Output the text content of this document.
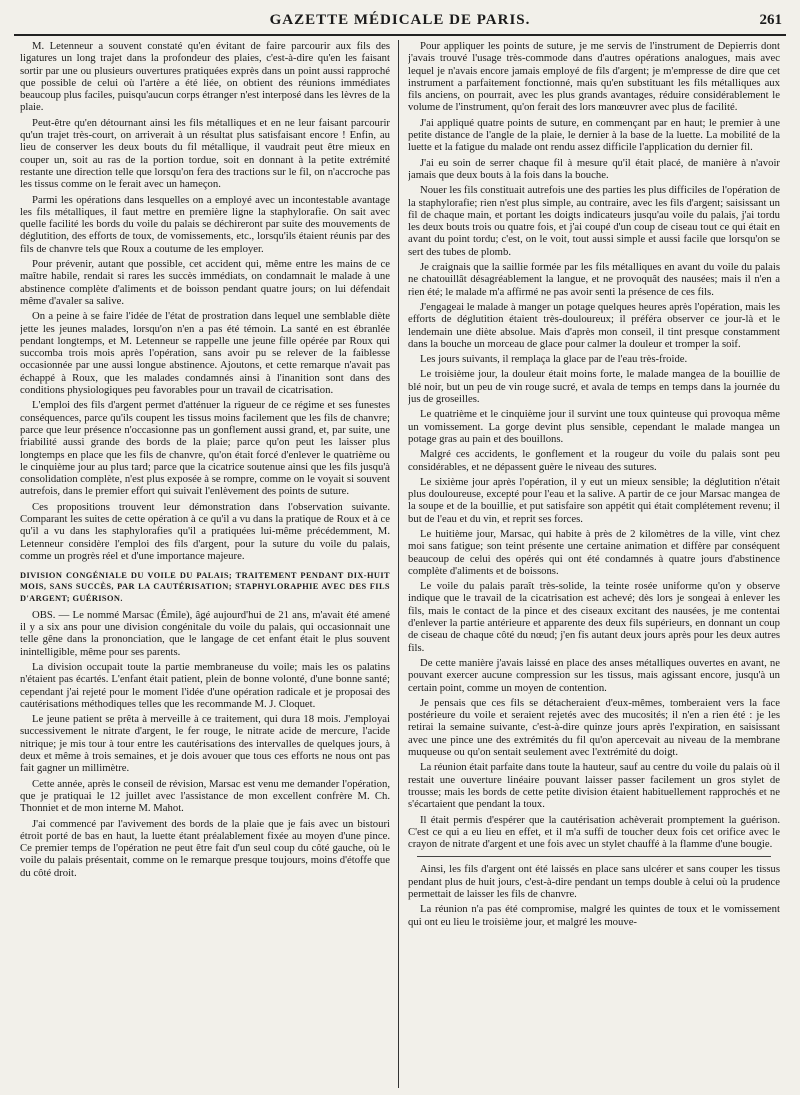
GAZETTE MÉDICALE DE PARIS.	261

M. Letenneur a souvent constaté qu'en évitant de faire parcourir aux fils des ligatures un long trajet dans la profondeur des plaies, c'est-à-dire qu'en les faisant sortir par une ou plusieurs ouvertures pratiquées exprès dans un point aussi rapproché que possible de celui où l'artère a été liée, on obtient des réunions immédiates beaucoup plus faciles, puisqu'aucun corps étranger n'est interposé dans les lèvres de la plaie.

Peut-être qu'en détournant ainsi les fils métalliques et en ne leur faisant parcourir qu'un trajet très-court, on arriverait à un résultat plus satisfaisant encore ! Enfin, au lieu de conserver les deux bouts du fil métallique, il vaudrait peut être mieux en couper un, soit au ras de la portion tordue, soit en donnant à la petite extrémité restante une direction telle que lorsqu'on fera des tractions sur le fil, on n'accroche pas les tissus comme on le ferait avec un hameçon.

Parmi les opérations dans lesquelles on a employé avec un incontestable avantage les fils métalliques, il faut mettre en première ligne la staphylorafie. On sait avec quelle facilité les bords du voile du palais se déchireront par suite des mouvements de déglutition, des efforts de toux, de vomissements, etc., lorsqu'ils étaient réunis par des fils de chanvre tels que Roux a coutume de les employer.

Pour prévenir, autant que possible, cet accident qui, même entre les mains de ce maître habile, rendait si rares les succès immédiats, on condamnait le malade à une abstinence complète d'aliments et de boisson pendant quatre jours; on lui défendait même d'avaler sa salive.

On a peine à se faire l'idée de l'état de prostration dans lequel une semblable diète jette les jeunes malades, lorsqu'on n'en a pas été témoin. La santé en est ébranlée pendant longtemps, et M. Letenneur se rappelle une jeune fille opérée par Roux qui succomba trois mois après l'opération, sans avoir pu se relever de la faiblesse occasionnée par une aussi longue abstinence. Ajoutons, et cette remarque n'avait pas échappé à Roux, que les malades condamnés ainsi à l'inanition sont dans des conditions physiologiques peu favorables pour un travail de cicatrisation.

L'emploi des fils d'argent permet d'atténuer la rigueur de ce régime et ses funestes conséquences, parce qu'ils coupent les tissus moins facilement que les fils de chanvre; parce que leur présence n'occasionne pas un gonflement aussi grand, et, par suite, une friabilité aussi grande des bords de la plaie; parce qu'on peut les laisser plus longtemps en place que les fils de chanvre, qu'on était forcé d'enlever le quatrième ou le cinquième jour au plus tard; parce que la cicatrice soutenue ainsi que les fils jusqu'à consolidation complète, n'est plus exposée à se rompre, comme on le voyait si souvent autrefois, dans le premier effort qui suivait l'enlèvement des points de suture.

Ces propositions trouvent leur démonstration dans l'observation suivante. Comparant les suites de cette opération à ce qu'il a vu dans la pratique de Roux et à ce qu'il a vu dans les staphylorafies qu'il a pratiquées lui-même précédemment, M. Letenneur considère l'emploi des fils d'argent, pour la suture du voile du palais, comme un progrès réel et d'une importance majeure.

DIVISION CONGÉNIALE DU VOILE DU PALAIS; TRAITEMENT PENDANT DIX-HUIT MOIS, SANS SUCCÈS, PAR LA CAUTÉRISATION; STAPHYLORAPHIE AVEC DES FILS D'ARGENT; GUÉRISON.

OBS. — Le nommé Marsac (Émile), âgé aujourd'hui de 21 ans, m'avait été amené il y a six ans pour une division congénitale du voile du palais, qui occasionnait une telle gêne dans la prononciation, que le langage de cet enfant était le plus souvent inintelligible, même pour ses parents.

La division occupait toute la partie membraneuse du voile; mais les os palatins n'étaient pas écartés. L'enfant était patient, plein de bonne volonté, d'une bonne santé; cependant j'ai rejeté pour le moment l'idée d'une opération radicale et je proposai des cautérisations méthodiques telles que les recommande M. J. Cloquet.

Le jeune patient se prêta à merveille à ce traitement, qui dura 18 mois. J'employai successivement le nitrate d'argent, le fer rouge, le nitrate acide de mercure, l'acide nitrique; je mis tour à tour entre les cautérisations des intervalles de quelques jours, à deux et même à trois semaines, et je dois avouer que tous ces efforts ne nous ont pas fait gagner un millimètre.

Cette année, après le conseil de révision, Marsac est venu me demander l'opération, que je pratiquai le 12 juillet avec l'assistance de mon excellent confrère M. Ch. Thonniet et de mon interne M. Mahot.

J'ai commencé par l'avivement des bords de la plaie que je fais avec un bistouri étroit porté de bas en haut, la luette étant préalablement fixée au moyen d'une pince. Ce premier temps de l'opération ne peut être fait d'un seul coup du côté gauche, où le voile du palais présentait, comme on le remarque presque toujours, moins d'étoffe que du côté droit.

Pour appliquer les points de suture, je me servis de l'instrument de Depierris dont j'avais trouvé l'usage très-commode dans d'autres opérations analogues, mais avec lequel je n'avais encore jamais employé de fils d'argent; je m'empresse de dire que cet instrument a parfaitement fonctionné, mais qu'en substituant les fils métalliques aux fils anciens, on pourrait, avec les plus grands avantages, réduire considérablement le volume de l'instrument, qu'on ferait des lors manœuvrer avec plus de facilité.

J'ai appliqué quatre points de suture, en commençant par en haut; le premier à une petite distance de l'angle de la plaie, le dernier à la base de la luette. La mobilité de la luette et la fatigue du malade ont rendu assez difficile l'application du dernier fil.

J'ai eu soin de serrer chaque fil à mesure qu'il était placé, de manière à n'avoir jamais que deux bouts à la fois dans la bouche.

Nouer les fils constituait autrefois une des parties les plus difficiles de l'opération de la staphylorafie; rien n'est plus simple, au contraire, avec les fils d'argent; saisissant un fil de chaque main, et portant les doigts indicateurs jusqu'au voile du palais, j'ai tordu les deux bouts trois ou quatre fois, et j'ai coupé d'un coup de ciseau tout ce qui était en avant du point tordu; c'est, on le voit, tout aussi simple et aussi facile que lorsqu'on se sert des tubes de plomb.

Je craignais que la saillie formée par les fils métalliques en avant du voile du palais ne chatouillât désagréablement la langue, et ne provoquât des nausées; mais il n'en a rien été; le malade m'a affirmé ne pas avoir senti la présence de ces fils.

J'engageai le malade à manger un potage quelques heures après l'opération, mais les efforts de déglutition étaient très-douloureux; il préféra observer ce jour-là et le lendemain une diète absolue. Mais d'après mon conseil, il tint presque constamment dans la bouche un morceau de glace pour calmer la douleur et tromper la soif.

Les jours suivants, il remplaça la glace par de l'eau très-froide.

Le troisième jour, la douleur était moins forte, le malade mangea de la bouillie de blé noir, but un peu de vin rouge sucré, et avala de temps en temps dans la journée du jus de groseilles.

Le quatrième et le cinquième jour il survint une toux quinteuse qui provoqua même un vomissement. La gorge devint plus sensible, cependant le malade mangea un potage gras au pain et des bouillons.

Malgré ces accidents, le gonflement et la rougeur du voile du palais sont peu considérables, et ne dépassent guère le niveau des sutures.

Le sixième jour après l'opération, il y eut un mieux sensible; la déglutition n'était plus douloureuse, excepté pour l'eau et la salive. A partir de ce jour Marsac mangea de la soupe et de la bouillie, et put satisfaire son appétit qui était complétement revenu; il but de l'eau et du vin, et reprit ses forces.

Le huitième jour, Marsac, qui habite à près de 2 kilomètres de la ville, vint chez moi sans fatigue; son teint présente une certaine animation et diffère par conséquent beaucoup de celui des opérés qui ont été condamnés à quatre jours d'abstinence complète d'aliments et de boissons.

Le voile du palais paraît très-solide, la teinte rosée uniforme qu'on y observe indique que le travail de la cicatrisation est achevé; dès lors je songeai à enlever les fils, mais le contact de la pince et des ciseaux excitant des nausées, je me contentai d'enlever la partie antérieure et apparente des deux fils supérieurs, en donnant un coup de ciseau de chaque côté du nœud; j'en fis autant deux jours après pour les deux autres fils.

De cette manière j'avais laissé en place des anses métalliques ouvertes en avant, ne pouvant exercer aucune compression sur les tissus, mais agissant encore, jusqu'à un certain point, comme un moyen de contention.

Je pensais que ces fils se détacheraient d'eux-mêmes, tomberaient vers la face postérieure du voile et seraient rejetés avec des mucosités; il n'en a rien été : je les retirai la semaine suivante, c'est-à-dire quinze jours après l'expiration, en saisissant avec une pince une des extrémités du fil qu'on apercevait au niveau de la membrane muqueuse ou qu'on sentait seulement avec l'extrémité du doigt.

La réunion était parfaite dans toute la hauteur, sauf au centre du voile du palais où il restait une ouverture linéaire pouvant laisser passer facilement un gros stylet de trousse; mais les bords de cette petite division étaient habituellement rapprochés et ne s'écartaient que pendant la toux.

Il était permis d'espérer que la cautérisation achèverait promptement la guérison. C'est ce qui a eu lieu en effet, et il m'a suffi de toucher deux fois cet orifice avec le crayon de nitrate d'argent et une fois avec un stylet chauffé à la flamme d'une bougie.

Ainsi, les fils d'argent ont été laissés en place sans ulcérer et sans couper les tissus pendant plus de huit jours, c'est-à-dire pendant un temps double à celui où la prudence permettait de laisser les fils de chanvre.

La réunion n'a pas été compromise, malgré les quintes de toux et le vomissement qui ont eu lieu le troisième jour, et malgré les mouve-
